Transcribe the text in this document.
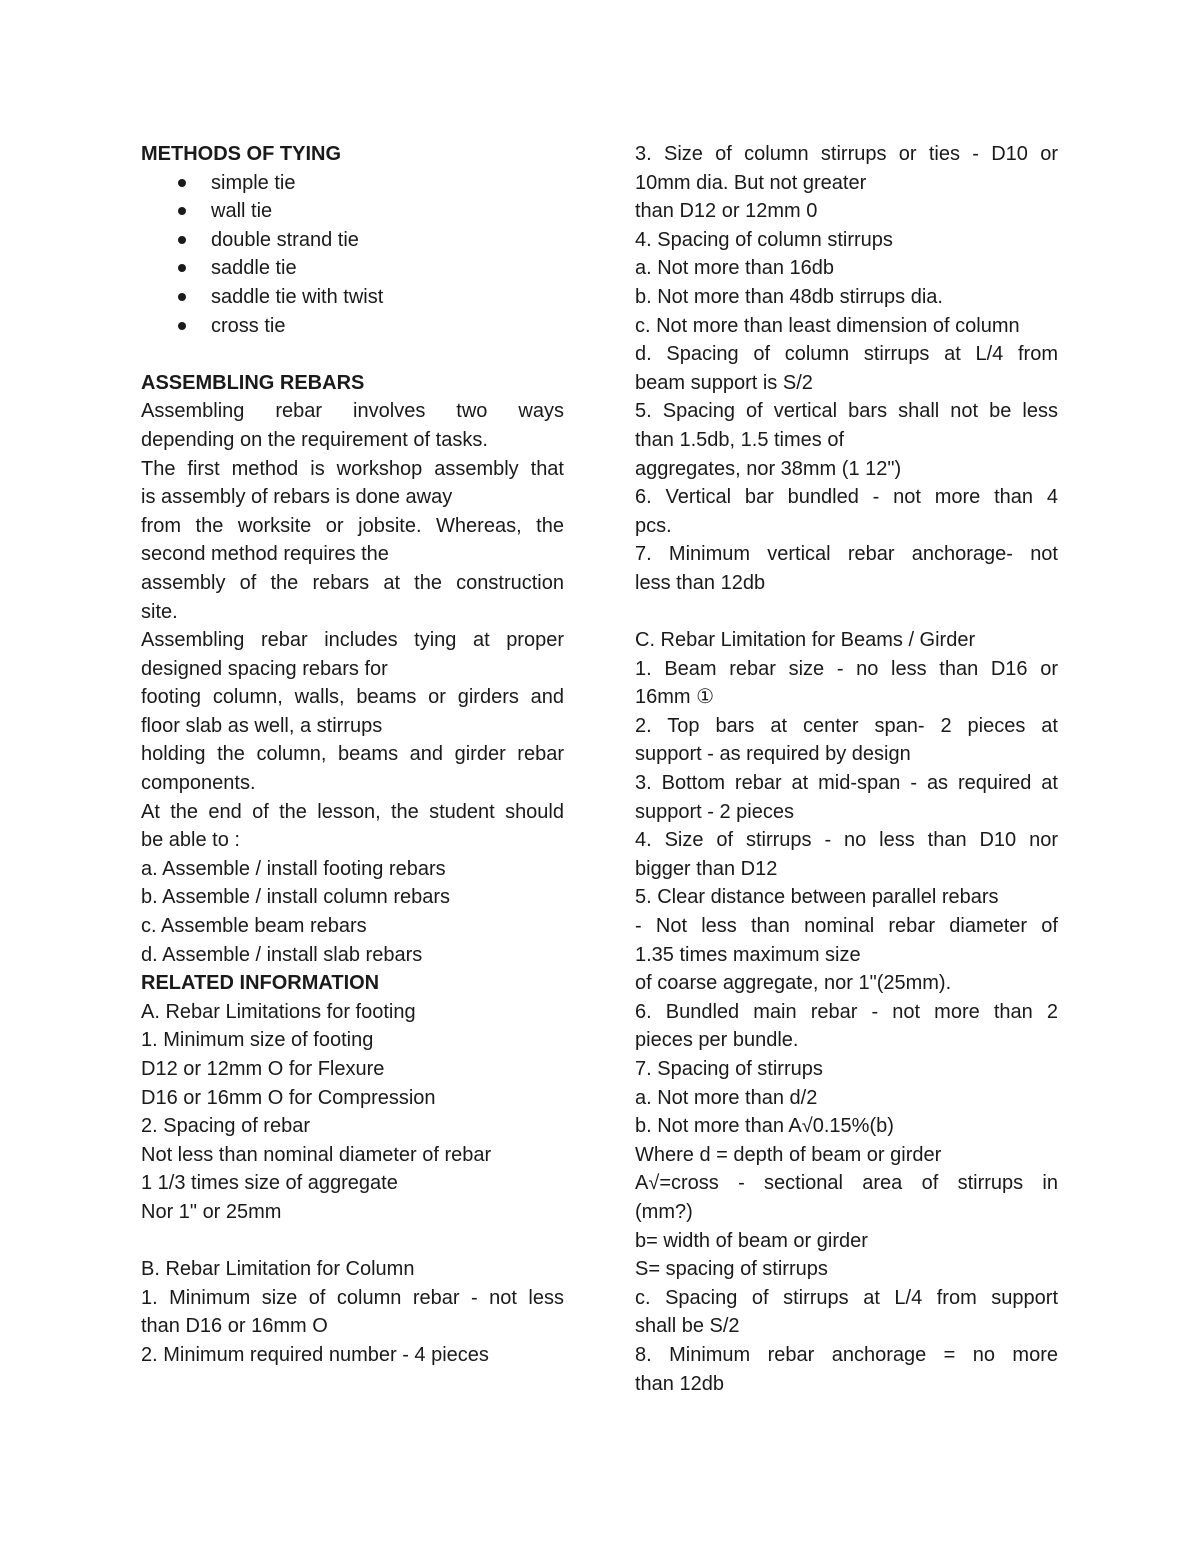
METHODS OF TYING
simple tie
wall tie
double strand tie
saddle tie
saddle tie with twist
cross tie
ASSEMBLING REBARS
Assembling rebar involves two ways
depending on the requirement of tasks.
The first method is workshop assembly that
is assembly of rebars is done away
from the worksite or jobsite. Whereas, the
second method requires the
assembly of the rebars at the construction
site.
Assembling rebar includes tying at proper
designed spacing rebars for
footing column, walls, beams or girders and
floor slab as well, a stirrups
holding the column, beams and girder rebar
components.
At the end of the lesson, the student should
be able to :
a. Assemble / install footing rebars
b. Assemble / install column rebars
c. Assemble beam rebars
d. Assemble / install slab rebars
RELATED INFORMATION
A. Rebar Limitations for footing
1. Minimum size of footing
D12 or 12mm O for Flexure
D16 or 16mm O for Compression
2. Spacing of rebar
Not less than nominal diameter of rebar
1 1/3 times size of aggregate
Nor 1" or 25mm
B. Rebar Limitation for Column
1. Minimum size of column rebar - not less
than D16 or 16mm O
2. Minimum required number - 4 pieces
3. Size of column stirrups or ties - D10 or
10mm dia. But not greater
than D12 or 12mm 0
4. Spacing of column stirrups
a. Not more than 16db
b. Not more than 48db stirrups dia.
c. Not more than least dimension of column
d. Spacing of column stirrups at L/4 from
beam support is S/2
5. Spacing of vertical bars shall not be less
than 1.5db, 1.5 times of
aggregates, nor 38mm (1 12")
6. Vertical bar bundled - not more than 4
pcs.
7. Minimum vertical rebar anchorage- not
less than 12db
C. Rebar Limitation for Beams / Girder
1. Beam rebar size - no less than D16 or
16mm ①
2. Top bars at center span- 2 pieces at
support - as required by design
3. Bottom rebar at mid-span - as required at
support - 2 pieces
4. Size of stirrups - no less than D10 nor
bigger than D12
5. Clear distance between parallel rebars
- Not less than nominal rebar diameter of
1.35 times maximum size
of coarse aggregate, nor 1"(25mm).
6. Bundled main rebar - not more than 2
pieces per bundle.
7. Spacing of stirrups
a. Not more than d/2
b. Not more than A√0.15%(b)
Where d = depth of beam or girder
A√=cross - sectional area of stirrups in
(mm?)
b= width of beam or girder
S= spacing of stirrups
c. Spacing of stirrups at L/4 from support
shall be S/2
8. Minimum rebar anchorage = no more
than 12db
